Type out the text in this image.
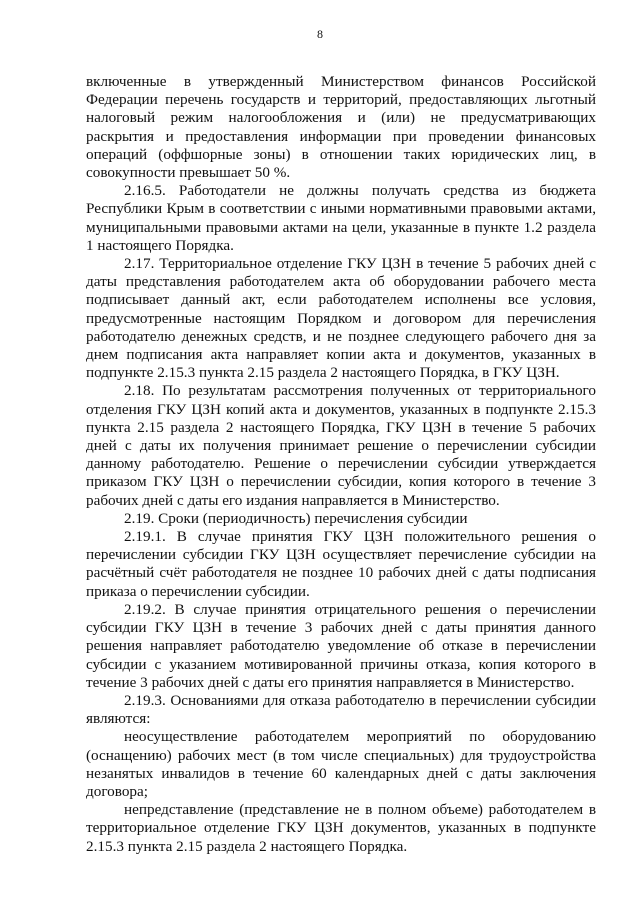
8

включенные в утвержденный Министерством финансов Российской Федерации перечень государств и территорий, предоставляющих льготный налоговый режим налогообложения и (или) не предусматривающих раскрытия и предоставления информации при проведении финансовых операций (оффшорные зоны) в отношении таких юридических лиц, в совокупности превышает 50 %.

2.16.5. Работодатели не должны получать средства из бюджета Республики Крым в соответствии с иными нормативными правовыми актами, муниципальными правовыми актами на цели, указанные в пункте 1.2 раздела 1 настоящего Порядка.

2.17. Территориальное отделение ГКУ ЦЗН в течение 5 рабочих дней с даты представления работодателем акта об оборудовании рабочего места подписывает данный акт, если работодателем исполнены все условия, предусмотренные настоящим Порядком и договором для перечисления работодателю денежных средств, и не позднее следующего рабочего дня за днем подписания акта направляет копии акта и документов, указанных в подпункте 2.15.3 пункта 2.15 раздела 2 настоящего Порядка, в ГКУ ЦЗН.

2.18. По результатам рассмотрения полученных от территориального отделения ГКУ ЦЗН копий акта и документов, указанных в подпункте 2.15.3 пункта 2.15 раздела 2 настоящего Порядка, ГКУ ЦЗН в течение 5 рабочих дней с даты их получения принимает решение о перечислении субсидии данному работодателю. Решение о перечислении субсидии утверждается приказом ГКУ ЦЗН о перечислении субсидии, копия которого в течение 3 рабочих дней с даты его издания направляется в Министерство.

2.19. Сроки (периодичность) перечисления субсидии

2.19.1. В случае принятия ГКУ ЦЗН положительного решения о перечислении субсидии ГКУ ЦЗН осуществляет перечисление субсидии на расчётный счёт работодателя не позднее 10 рабочих дней с даты подписания приказа о перечислении субсидии.

2.19.2. В случае принятия отрицательного решения о перечислении субсидии ГКУ ЦЗН в течение 3 рабочих дней с даты принятия данного решения направляет работодателю уведомление об отказе в перечислении субсидии с указанием мотивированной причины отказа, копия которого в течение 3 рабочих дней с даты его принятия направляется в Министерство.

2.19.3. Основаниями для отказа работодателю в перечислении субсидии являются:

неосуществление работодателем мероприятий по оборудованию (оснащению) рабочих мест (в том числе специальных) для трудоустройства незанятых инвалидов в течение 60 календарных дней с даты заключения договора;

непредставление (представление не в полном объеме) работодателем в территориальное отделение ГКУ ЦЗН документов, указанных в подпункте 2.15.3 пункта 2.15 раздела 2 настоящего Порядка.
